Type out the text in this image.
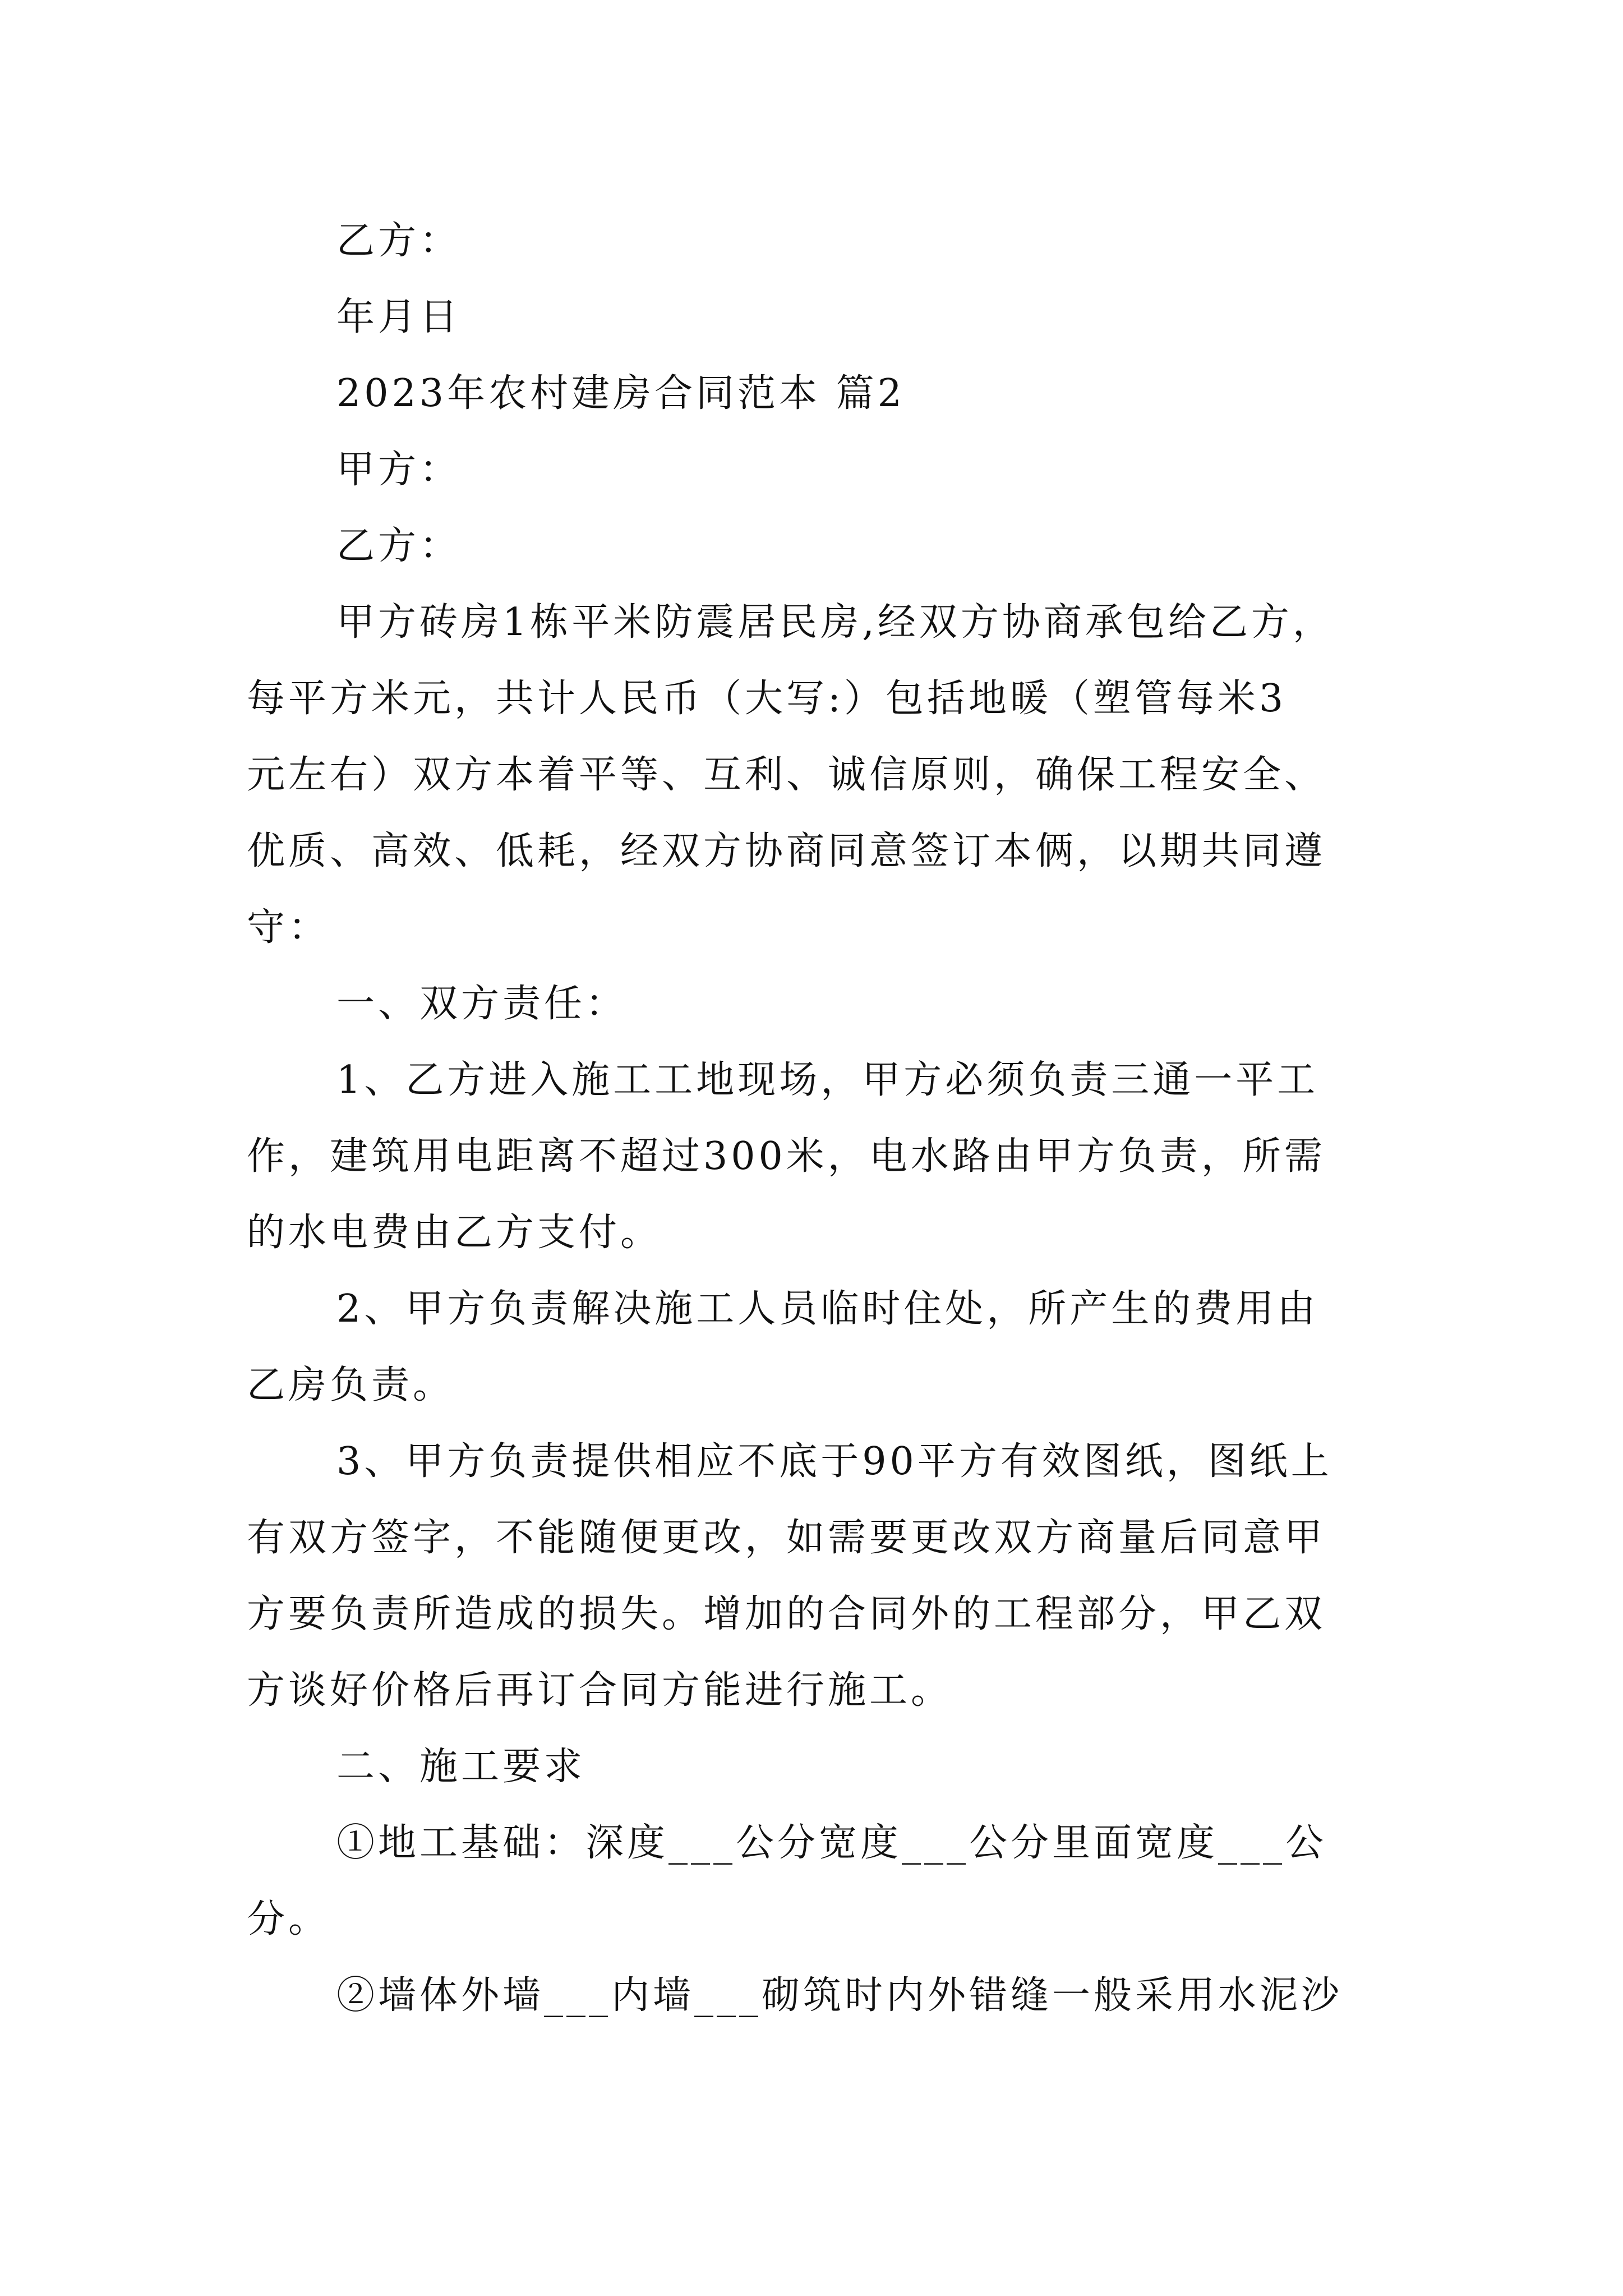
乙方：

年月日

2023年农村建房合同范本 篇2

甲方：

乙方：

甲方砖房1栋平米防震居民房,经双方协商承包给乙方，
每平方米元，共计人民币（大写:）包括地暖（塑管每米3
元左右）双方本着平等、互利、诚信原则，确保工程安全、
优质、高效、低耗，经双方协商同意签订本俩，以期共同遵
守：

一、双方责任：

1、乙方进入施工工地现场，甲方必须负责三通一平工
作，建筑用电距离不超过300米，电水路由甲方负责，所需
的水电费由乙方支付。
2、甲方负责解决施工人员临时住处，所产生的费用由
乙房负责。
3、甲方负责提供相应不底于90平方有效图纸，图纸上
有双方签字，不能随便更改，如需要更改双方商量后同意甲
方要负责所造成的损失。增加的合同外的工程部分，甲乙双
方谈好价格后再订合同方能进行施工。

二、施工要求

①地工基础：深度___公分宽度___公分里面宽度___公
分。
②墙体外墙___内墙___砌筑时内外错缝一般采用水泥沙
